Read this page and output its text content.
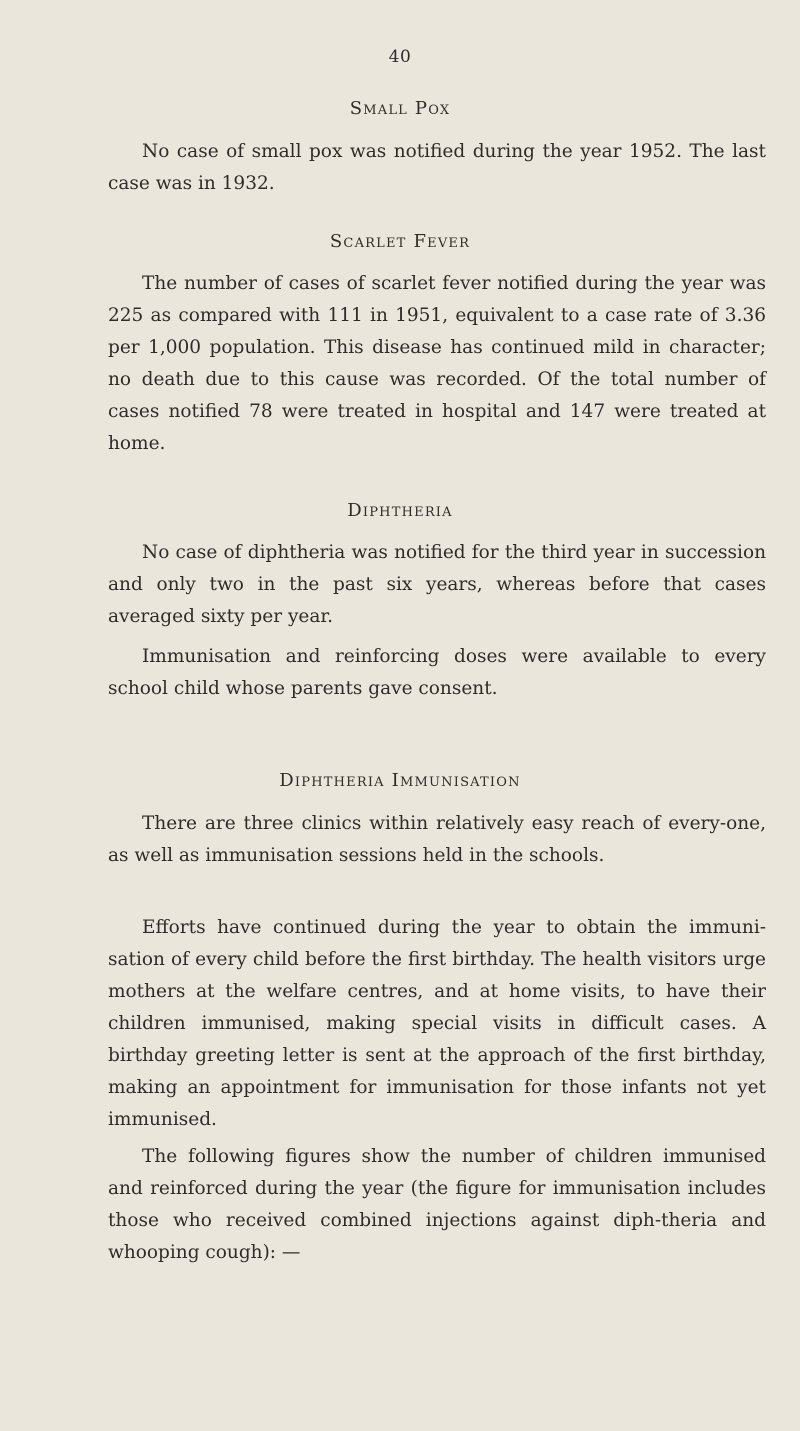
40
Small Pox

No case of small pox was notified during the year 1952. The last case was in 1932.

Scarlet Fever

The number of cases of scarlet fever notified during the year was 225 as compared with 111 in 1951, equivalent to a case rate of 3.36 per 1,000 population. This disease has continued mild in character; no death due to this cause was recorded. Of the total number of cases notified 78 were treated in hospital and 147 were treated at home.

Diphtheria

No case of diphtheria was notified for the third year in succession and only two in the past six years, whereas before that cases averaged sixty per year.

Immunisation and reinforcing doses were available to every school child whose parents gave consent.

Diphtheria Immunisation

There are three clinics within relatively easy reach of every-one, as well as immunisation sessions held in the schools.

Efforts have continued during the year to obtain the immuni-sation of every child before the first birthday. The health visitors urge mothers at the welfare centres, and at home visits, to have their children immunised, making special visits in difficult cases. A birthday greeting letter is sent at the approach of the first birthday, making an appointment for immunisation for those infants not yet immunised.

The following figures show the number of children immunised and reinforced during the year (the figure for immunisation includes those who received combined injections against diph-theria and whooping cough): —
